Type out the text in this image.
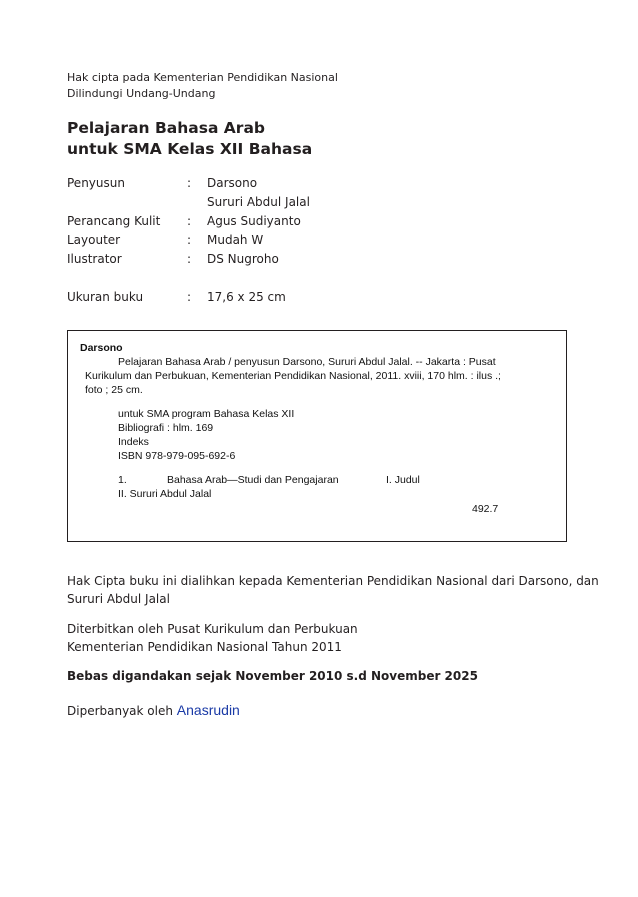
Hak cipta pada Kementerian Pendidikan Nasional
Dilindungi Undang-Undang
Pelajaran Bahasa Arab
untuk SMA Kelas XII Bahasa
Penyusun	: Darsono
Sururi Abdul Jalal
Perancang Kulit : Agus Sudiyanto
Layouter	: Mudah W
Ilustrator	: DS Nugroho
Ukuran buku	: 17,6 x 25 cm
Darsono
Pelajaran Bahasa Arab / penyusun Darsono, Sururi Abdul Jalal. -- Jakarta : Pusat
Kurikulum dan Perbukuan, Kementerian Pendidikan Nasional, 2011. xviii, 170 hlm. : ilus .;
foto ; 25 cm.
untuk SMA program Bahasa Kelas XII
Bibliografi : hlm. 169
Indeks
ISBN 978-979-095-692-6
1.	Bahasa Arab—Studi dan Pengajaran	I. Judul
II. Sururi Abdul Jalal
492.7
Hak Cipta buku ini dialihkan kepada Kementerian Pendidikan Nasional dari Darsono, dan
Sururi Abdul Jalal
Diterbitkan oleh Pusat Kurikulum dan Perbukuan
Kementerian Pendidikan Nasional Tahun 2011
Bebas digandakan sejak November 2010 s.d November 2025
Diperbanyak oleh Anasrudin
